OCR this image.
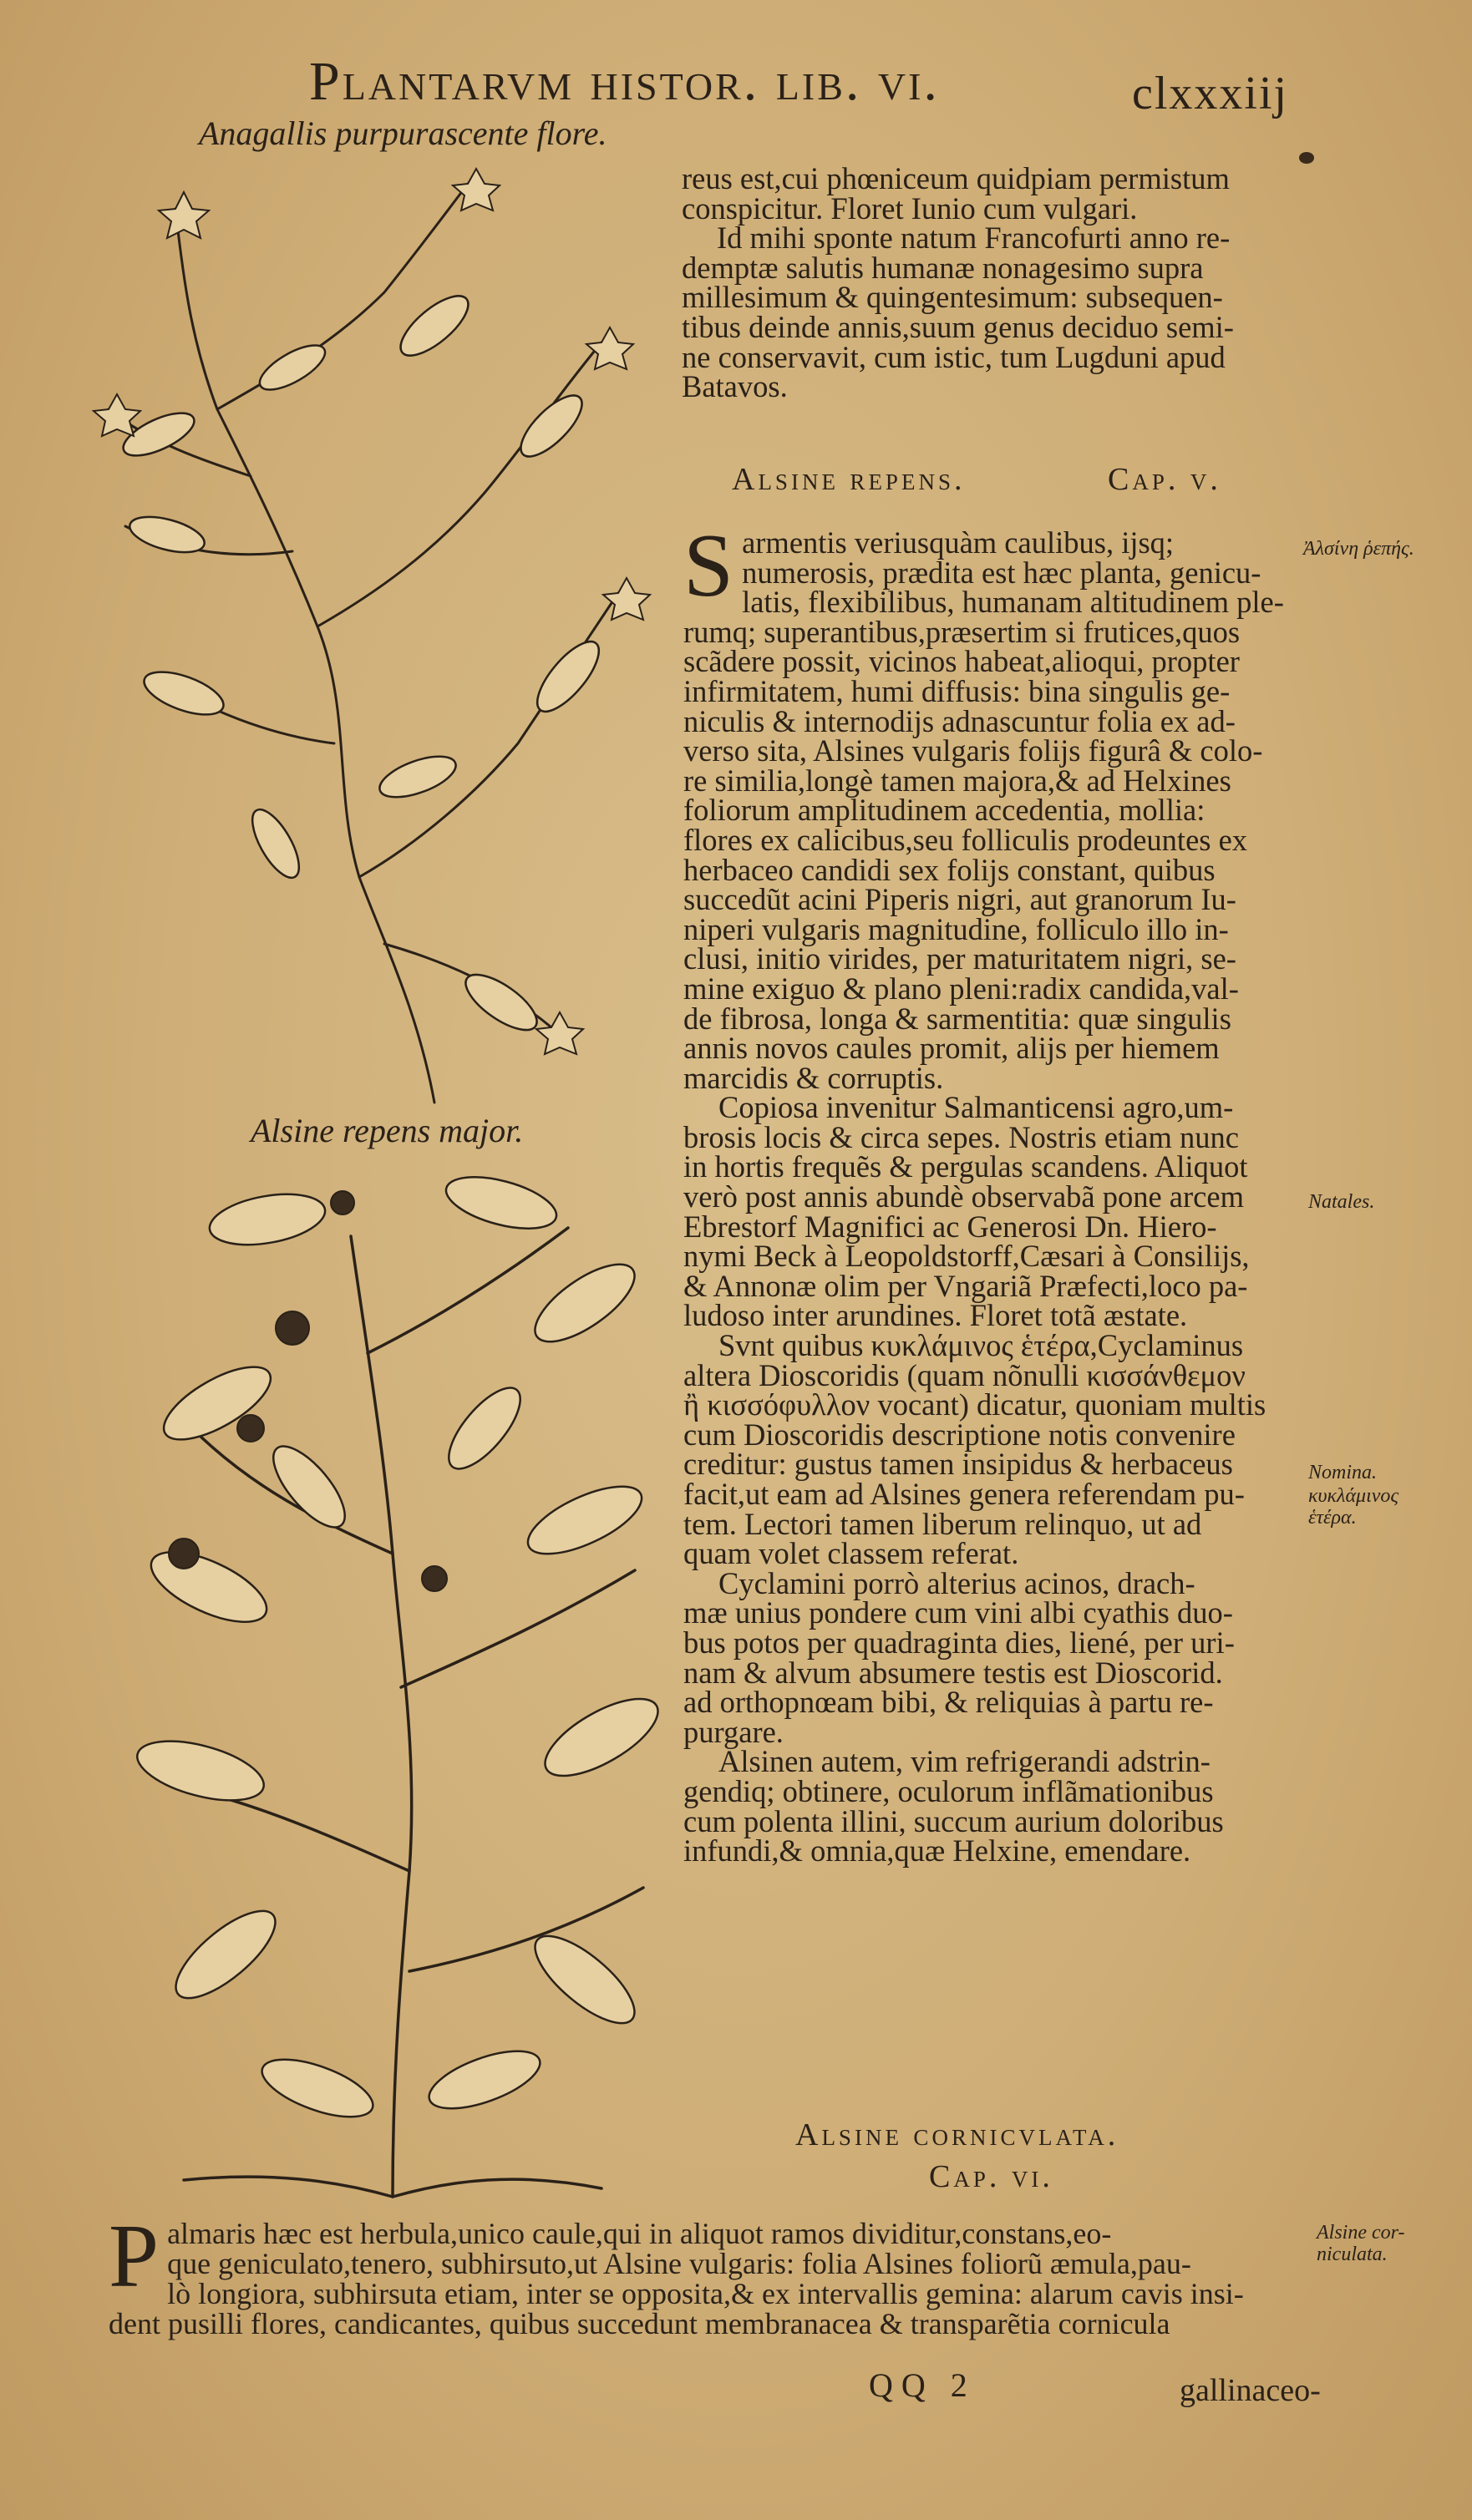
Plantarvm histor. lib. vi.	clxxxiij
Anagallis purpurascente flore.
Alsine repens major.

reus est,cui phœniceum quidpiam permistum

conspicitur. Floret Iunio cum vulgari.

Id mihi sponte natum Francofurti anno re-

demptæ salutis humanæ nonagesimo supra

millesimum & quingentesimum: subsequen-

tibus deinde annis,suum genus deciduo semi-

ne conservavit, cum istic, tum Lugduni apud

Batavos.

Alsine repens.	Cap. v.
S armentis veriusquàm caulibus, ijsq;

numerosis, prædita est hæc planta, genicu-

latis, flexibilibus, humanam altitudinem ple-

rumq; superantibus,præsertim si frutices,quos

scãdere possit, vicinos habeat,alioqui, propter

infirmitatem, humi diffusis: bina singulis ge-

niculis & internodijs adnascuntur folia ex ad-

verso sita, Alsines vulgaris folijs figurâ & colo-

re similia,longè tamen majora,& ad Helxines

foliorum amplitudinem accedentia, mollia:

flores ex calicibus,seu folliculis prodeuntes ex

herbaceo candidi sex folijs constant, quibus

succedũt acini Piperis nigri, aut granorum Iu-

niperi vulgaris magnitudine, folliculo illo in-

clusi, initio virides, per maturitatem nigri, se-

mine exiguo & plano pleni:radix candida,val-

de fibrosa, longa & sarmentitia: quæ singulis

annis novos caules promit, alijs per hiemem

marcidis & corruptis.

Copiosa invenitur Salmanticensi agro,um-

brosis locis & circa sepes. Nostris etiam nunc

in hortis frequẽs & pergulas scandens. Aliquot

verò post annis abundè observabã pone arcem

Ebrestorf Magnifici ac Generosi Dn. Hiero-

nymi Beck à Leopoldstorff,Cæsari à Consilijs,

& Annonæ olim per Vngariã Præfecti,loco pa-

ludoso inter arundines. Floret totã æstate.

Svnt quibus κυκλάμινος ἑτέρα,Cyclaminus

altera Dioscoridis (quam nõnulli κισσάνθεμον

ἢ κισσόφυλλον vocant) dicatur, quoniam multis

cum Dioscoridis descriptione notis convenire

creditur: gustus tamen insipidus & herbaceus

facit,ut eam ad Alsines genera referendam pu-

tem. Lectori tamen liberum relinquo, ut ad

quam volet classem referat.

Cyclamini porrò alterius acinos, drach-

mæ unius pondere cum vini albi cyathis duo-

bus potos per quadraginta dies, liené, per uri-

nam & alvum absumere testis est Dioscorid.

ad orthopnœam bibi, & reliquias à partu re-

purgare.

Alsinen autem, vim refrigerandi adstrin-

gendiq; obtinere, oculorum inflãmationibus

cum polenta illini, succum aurium doloribus

infundi,& omnia,quæ Helxine, emendare.

Ἀλσίνη ῥεπής.
Natales.
Nomina.
κυκλάμινος ἑτέρα.
Alsine cornicvlata.
Cap. vi.
P almaris hæc est herbula,unico caule,qui in aliquot ramos dividitur,constans,eo-

que geniculato,tenero, subhirsuto,ut Alsine vulgaris: folia Alsines foliorũ æmula,pau-

lò longiora, subhirsuta etiam, inter se opposita,& ex intervallis gemina: alarum cavis insi-

dent pusilli flores, candicantes, quibus succedunt membranacea & transparẽtia cornicula

Alsine cor-niculata.
QQ 2	gallinaceo-
